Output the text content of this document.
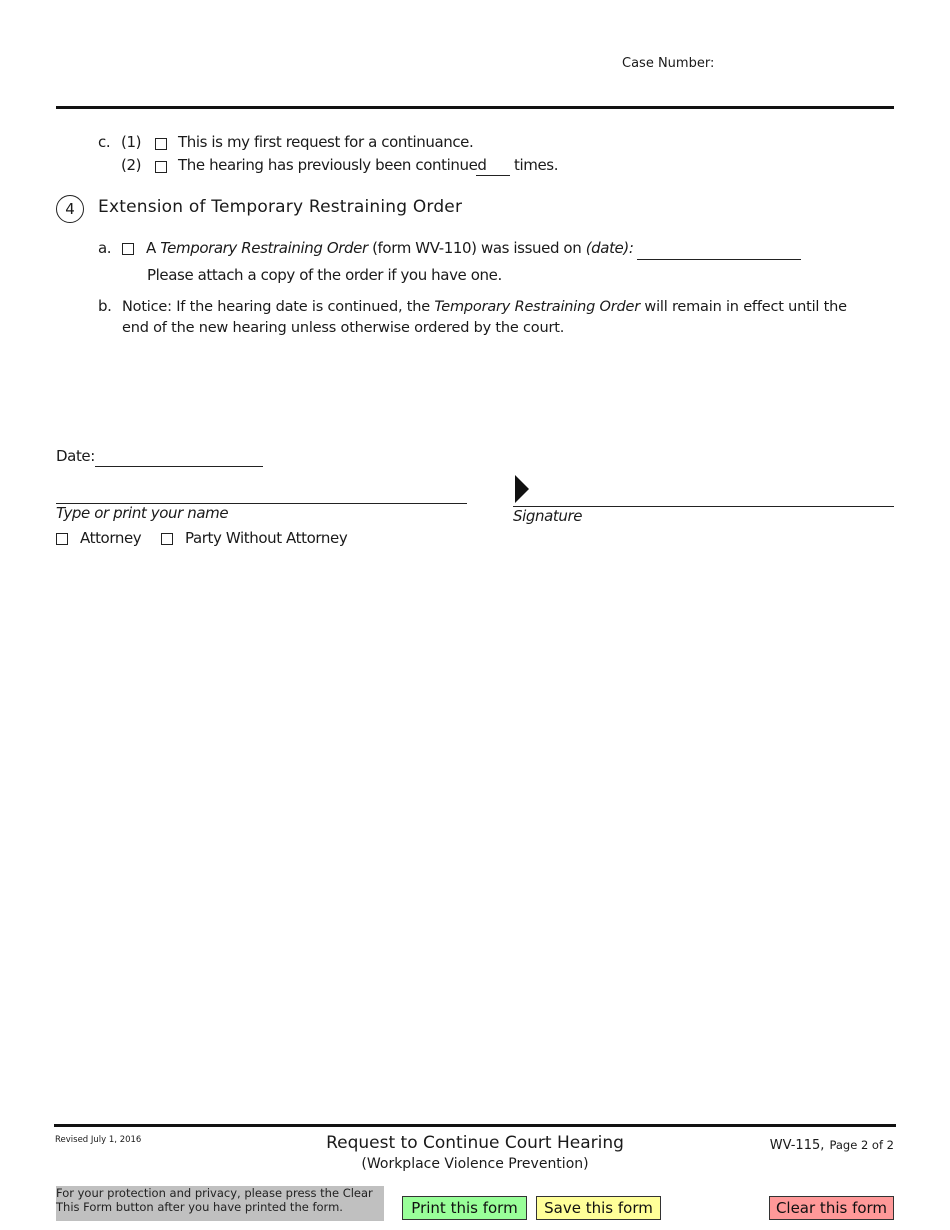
Case Number:
c. (1) This is my first request for a continuance.
(2) The hearing has previously been continued times.
4	Extension of Temporary Restraining Order
a. A Temporary Restraining Order (form WV-110) was issued on (date):
Please attach a copy of the order if you have one.
b. Notice: If the hearing date is continued, the Temporary Restraining Order will remain in effect until the
end of the new hearing unless otherwise ordered by the court.
Date:
Type or print your name	Signature
Attorney	Party Without Attorney
Revised July 1, 2016	Request to Continue Court Hearing
(Workplace Violence Prevention)
WV-115, Page 2 of 2
For your protection and privacy, please press the Clear This Form button after you have printed the form.	Print this form	Save this form	Clear this form
